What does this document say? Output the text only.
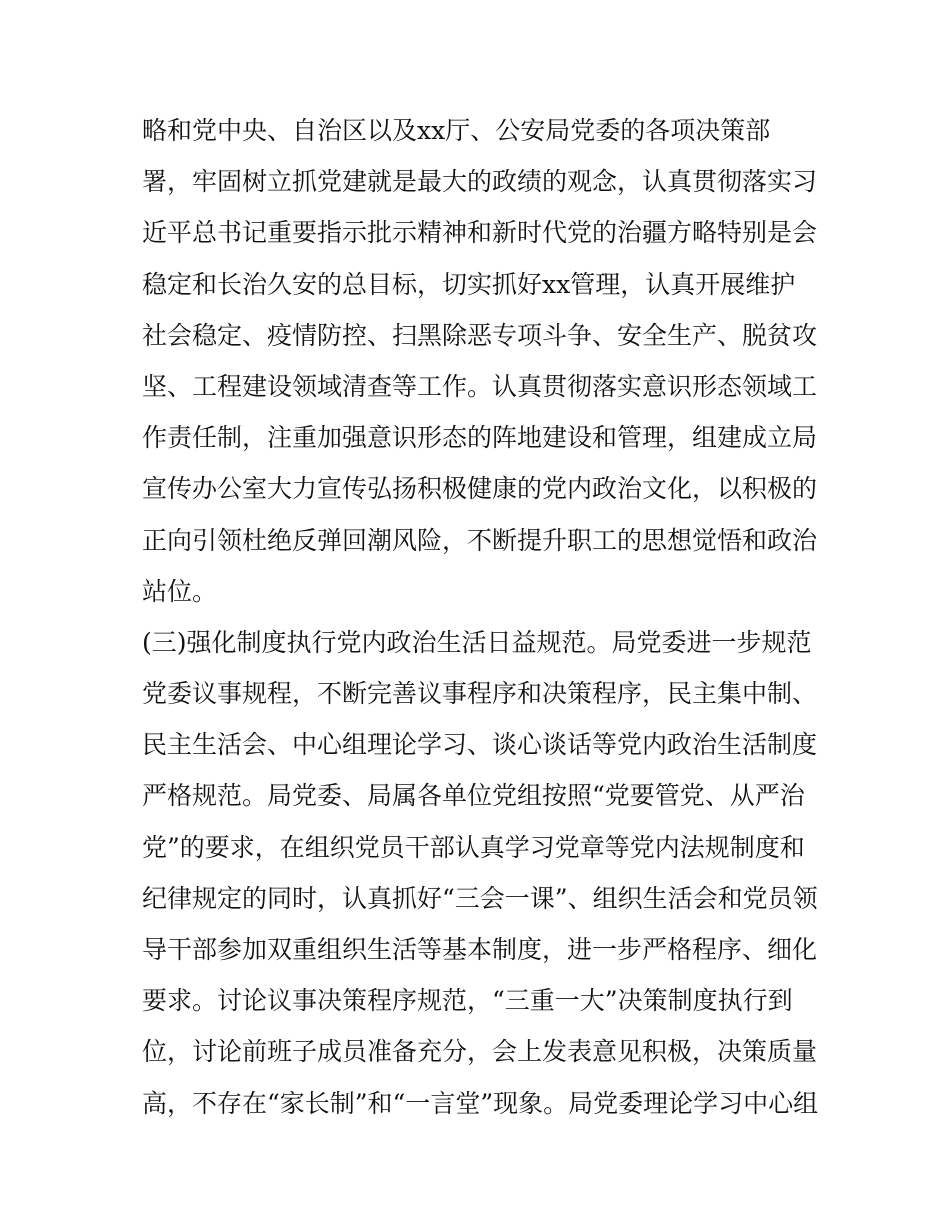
略和党中央、自治区以及xx厅、公安局党委的各项决策部
署，牢固树立抓党建就是最大的政绩的观念，认真贯彻落实习
近平总书记重要指示批示精神和新时代党的治疆方略特别是会
稳定和长治久安的总目标，切实抓好xx管理，认真开展维护
社会稳定、疫情防控、扫黑除恶专项斗争、安全生产、脱贫攻
坚、工程建设领域清查等工作。认真贯彻落实意识形态领域工
作责任制，注重加强意识形态的阵地建设和管理，组建成立局
宣传办公室大力宣传弘扬积极健康的党内政治文化，以积极的
正向引领杜绝反弹回潮风险，不断提升职工的思想觉悟和政治
站位。
(三)强化制度执行党内政治生活日益规范。局党委进一步规范
党委议事规程，不断完善议事程序和决策程序，民主集中制、
民主生活会、中心组理论学习、谈心谈话等党内政治生活制度
严格规范。局党委、局属各单位党组按照“党要管党、从严治
党”的要求，在组织党员干部认真学习党章等党内法规制度和
纪律规定的同时，认真抓好“三会一课”、组织生活会和党员领
导干部参加双重组织生活等基本制度，进一步严格程序、细化
要求。讨论议事决策程序规范，“三重一大”决策制度执行到
位，讨论前班子成员准备充分，会上发表意见积极，决策质量
高，不存在“家长制”和“一言堂”现象。局党委理论学习中心组
